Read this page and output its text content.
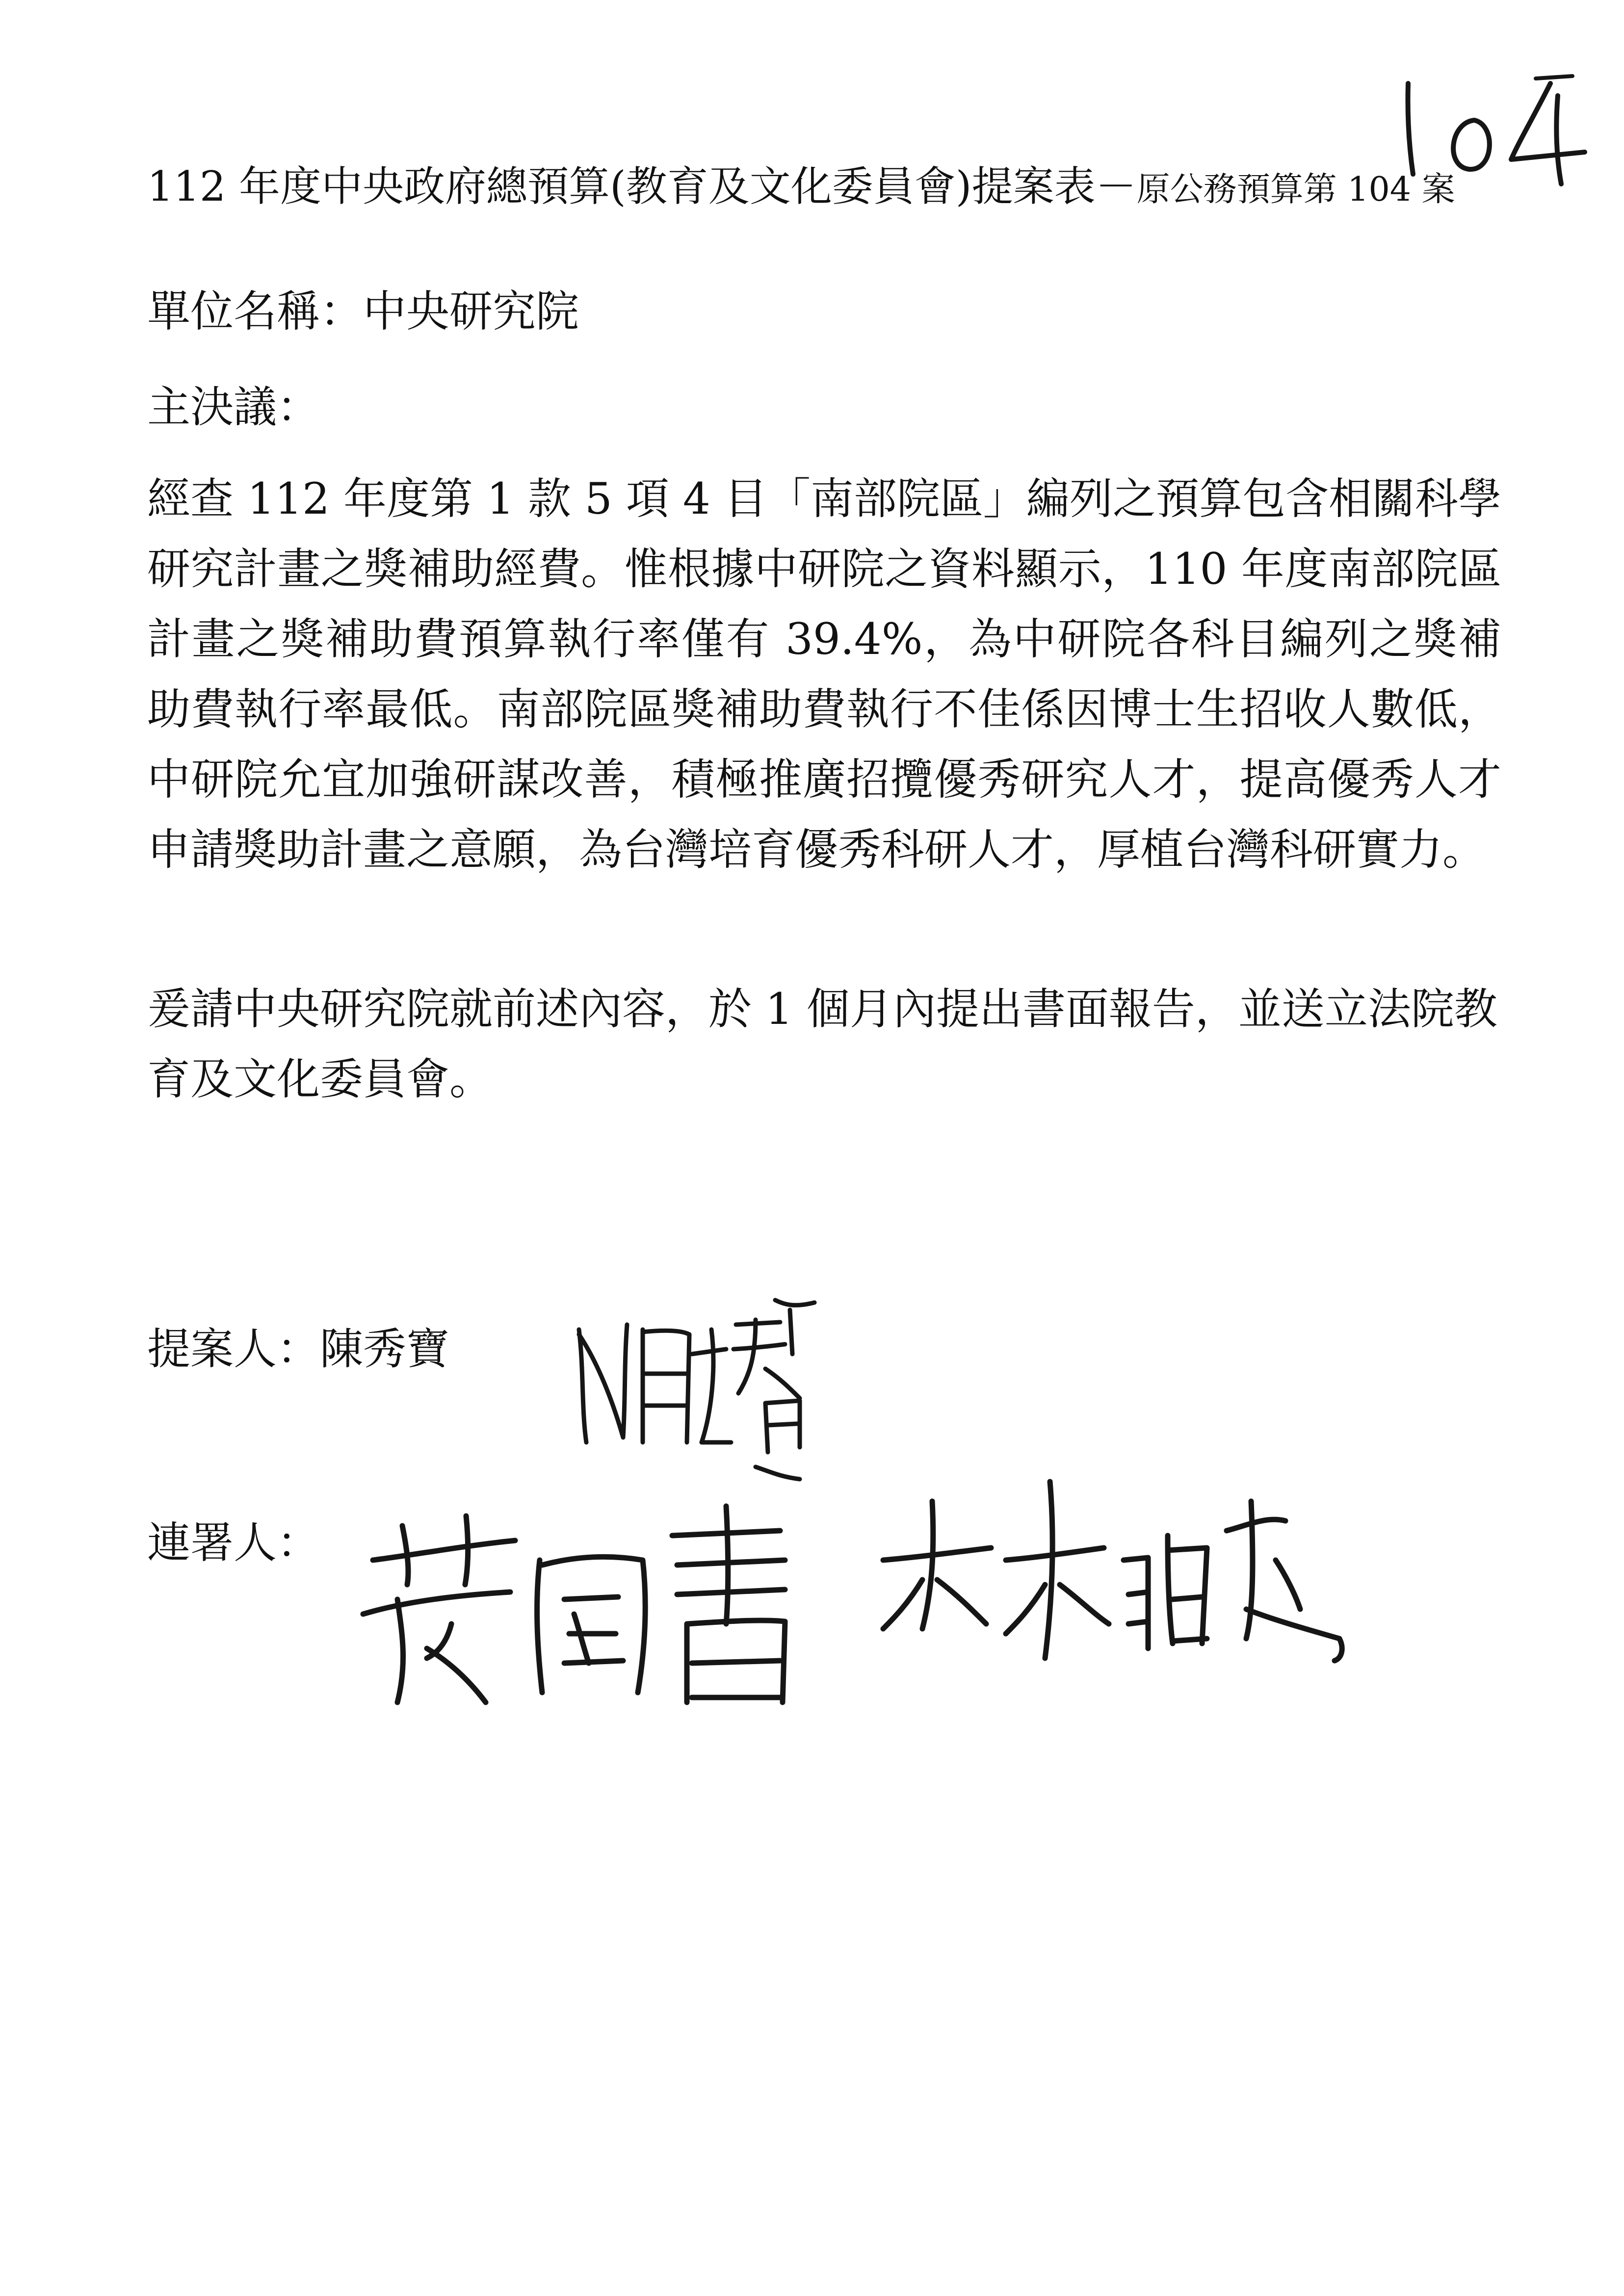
112 年度中央政府總預算(教育及文化委員會)提案表－原公務預算第 104 案
單位名稱：中央研究院
主決議：

經查 112 年度第 1 款 5 項 4 目「南部院區」編列之預算包含相關科學研究計畫之獎補助經費。惟根據中研院之資料顯示，110 年度南部院區計畫之獎補助費預算執行率僅有 39.4%，為中研院各科目編列之獎補助費執行率最低。南部院區獎補助費執行不佳係因博士生招收人數低，中研院允宜加強研謀改善，積極推廣招攬優秀研究人才，提高優秀人才申請獎助計畫之意願，為台灣培育優秀科研人才，厚植台灣科研實力。

爰請中央研究院就前述內容，於 1 個月內提出書面報告，並送立法院教育及文化委員會。

提案人：陳秀寶
連署人：
